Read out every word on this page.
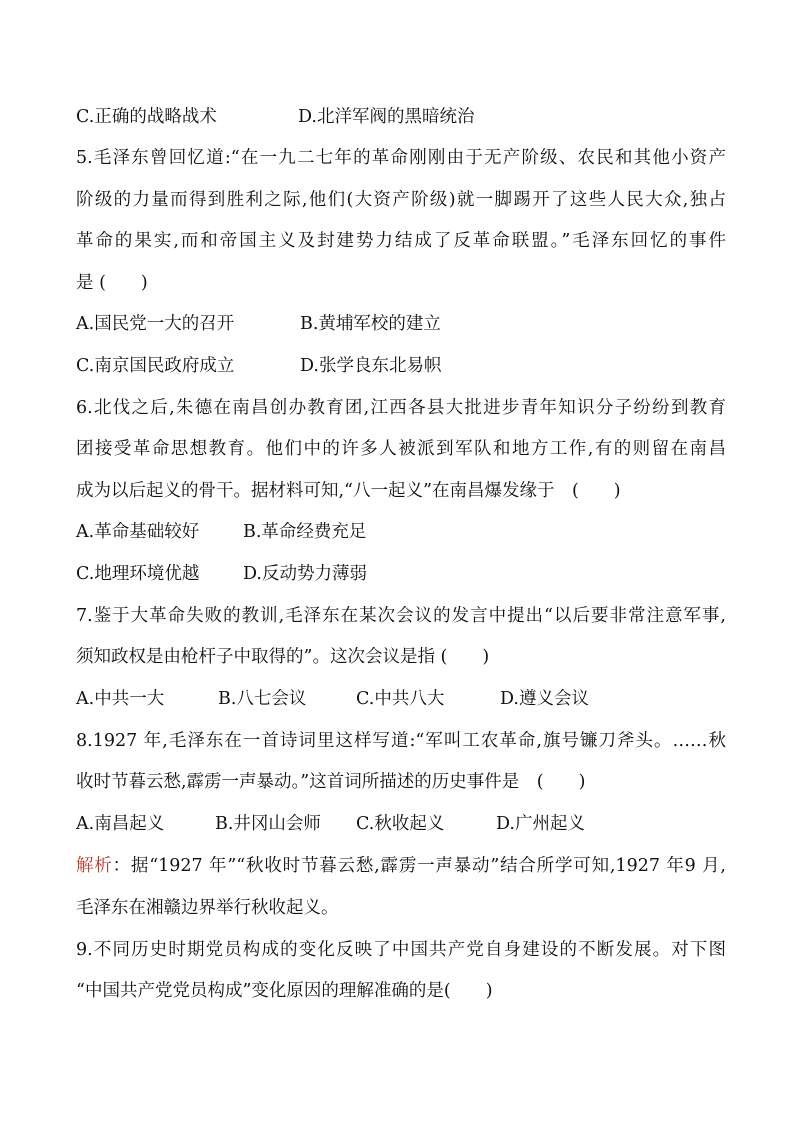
C.正确的战略战术	D.北洋军阀的黑暗统治
5.毛泽东曾回忆道:“在一九二七年的革命刚刚由于无产阶级、农民和其他小资产
阶级的力量而得到胜利之际,他们(大资产阶级)就一脚踢开了这些人民大众,独占
革命的果实,而和帝国主义及封建势力结成了反革命联盟。”毛泽东回忆的事件
是 (　　)
A.国民党一大的召开	B.黄埔军校的建立
C.南京国民政府成立	D.张学良东北易帜
6.北伐之后,朱德在南昌创办教育团,江西各县大批进步青年知识分子纷纷到教育
团接受革命思想教育。他们中的许多人被派到军队和地方工作,有的则留在南昌
成为以后起义的骨干。据材料可知,“八一起义”在南昌爆发缘于　(　　)
A.革命基础较好	B.革命经费充足
C.地理环境优越 D.反动势力薄弱
7.鉴于大革命失败的教训,毛泽东在某次会议的发言中提出“以后要非常注意军事,
须知政权是由枪杆子中取得的”。这次会议是指 (　　)
A.中共一大	B.八七会议	C.中共八大	D.遵义会议
8.1927 年,毛泽东在一首诗词里这样写道:“军叫工农革命,旗号镰刀斧头。……秋
收时节暮云愁,霹雳一声暴动。”这首词所描述的历史事件是　(　　)
A.南昌起义	B.井冈山会师 C.秋收起义	D.广州起义
解析：据“1927 年”“秋收时节暮云愁,霹雳一声暴动”结合所学可知,1927 年9 月,
毛泽东在湘赣边界举行秋收起义。
9.不同历史时期党员构成的变化反映了中国共产党自身建设的不断发展。对下图
“中国共产党党员构成”变化原因的理解准确的是(　　)
